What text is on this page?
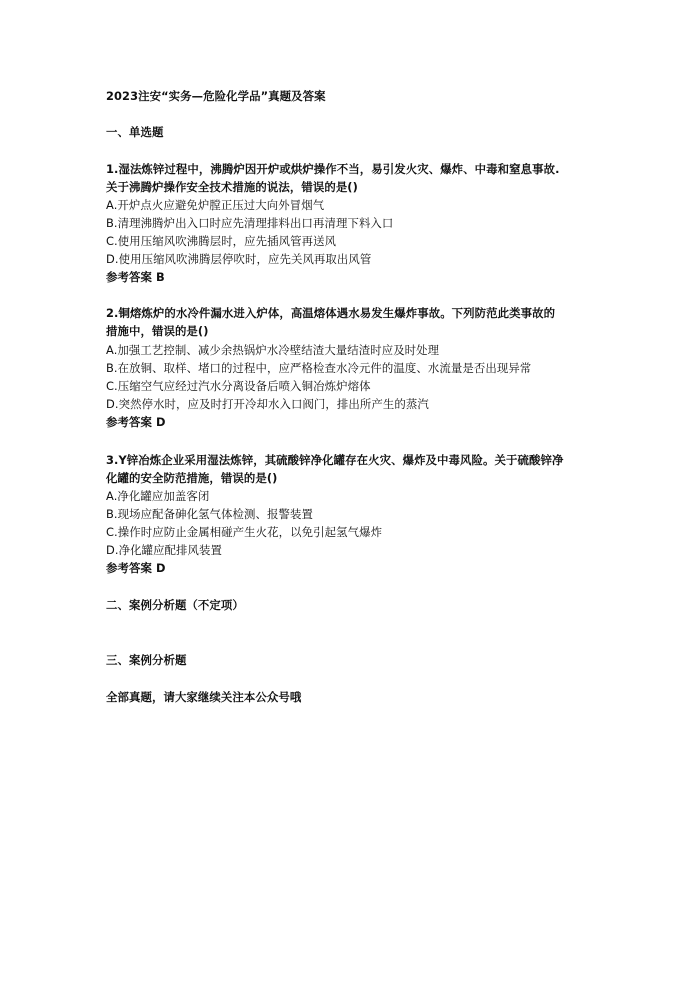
2023注安“实务—危险化学品”真题及答案
一、单选题
1.湿法炼锌过程中，沸腾炉因开炉或烘炉操作不当，易引发火灾、爆炸、中毒和窒息事故.
关于沸腾炉操作安全技术措施的说法，错误的是()
A.开炉点火应避免炉膛正压过大向外冒烟气
B.清理沸腾炉出入口时应先清理排料出口再清理下料入口
C.使用压缩风吹沸腾层时，应先插风管再送风
D.使用压缩风吹沸腾层停吹时，应先关风再取出风管
参考答案 B
2.铜熔炼炉的水冷件漏水进入炉体，高温熔体遇水易发生爆炸事故。下列防范此类事故的
措施中，错误的是()
A.加强工艺控制、减少余热锅炉水冷壁结渣大量结渣时应及时处理
B.在放铜、取样、堵口的过程中，应严格检查水冷元件的温度、水流量是否出现异常
C.压缩空气应经过汽水分离设备后喷入铜冶炼炉熔体
D.突然停水时，应及时打开冷却水入口阀门，排出所产生的蒸汽
参考答案 D
3.Y锌冶炼企业采用湿法炼锌，其硫酸锌净化罐存在火灾、爆炸及中毒风险。关于硫酸锌净
化罐的安全防范措施，错误的是()
A.净化罐应加盖客闭
B.现场应配备砷化氢气体检测、报警装置
C.操作时应防止金属相碰产生火花，以免引起氢气爆炸
D.净化罐应配排风装置
参考答案 D
二、案例分析题（不定项）
三、案例分析题
全部真题，请大家继续关注本公众号哦
